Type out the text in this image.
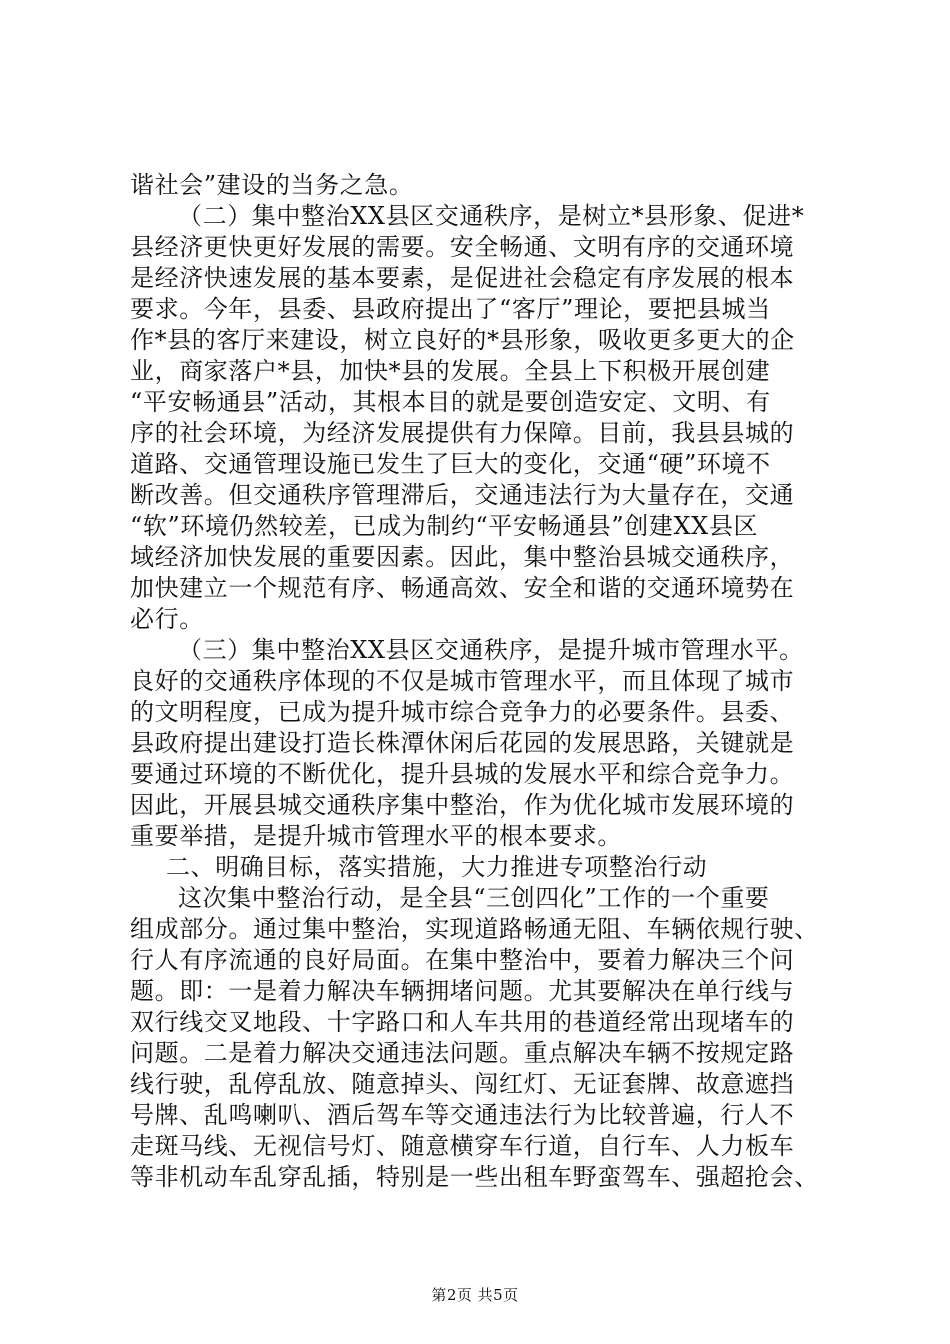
谐社会”建设的当务之急。
（二）集中整治XX县区交通秩序，是树立*县形象、促进*
县经济更快更好发展的需要。安全畅通、文明有序的交通环境
是经济快速发展的基本要素，是促进社会稳定有序发展的根本
要求。今年，县委、县政府提出了“客厅”理论，要把县城当
作*县的客厅来建设，树立良好的*县形象，吸收更多更大的企
业，商家落户*县，加快*县的发展。全县上下积极开展创建
“平安畅通县”活动，其根本目的就是要创造安定、文明、有
序的社会环境，为经济发展提供有力保障。目前，我县县城的
道路、交通管理设施已发生了巨大的变化，交通“硬”环境不
断改善。但交通秩序管理滞后，交通违法行为大量存在，交通
“软”环境仍然较差，已成为制约“平安畅通县”创建XX县区
域经济加快发展的重要因素。因此，集中整治县城交通秩序，
加快建立一个规范有序、畅通高效、安全和谐的交通环境势在
必行。
（三）集中整治XX县区交通秩序，是提升城市管理水平。
良好的交通秩序体现的不仅是城市管理水平，而且体现了城市
的文明程度，已成为提升城市综合竞争力的必要条件。县委、
县政府提出建设打造长株潭休闲后花园的发展思路，关键就是
要通过环境的不断优化，提升县城的发展水平和综合竞争力。
因此，开展县城交通秩序集中整治，作为优化城市发展环境的
重要举措，是提升城市管理水平的根本要求。
二、明确目标，落实措施，大力推进专项整治行动
这次集中整治行动，是全县“三创四化”工作的一个重要
组成部分。通过集中整治，实现道路畅通无阻、车辆依规行驶、
行人有序流通的良好局面。在集中整治中，要着力解决三个问
题。即：一是着力解决车辆拥堵问题。尤其要解决在单行线与
双行线交叉地段、十字路口和人车共用的巷道经常出现堵车的
问题。二是着力解决交通违法问题。重点解决车辆不按规定路
线行驶，乱停乱放、随意掉头、闯红灯、无证套牌、故意遮挡
号牌、乱鸣喇叭、酒后驾车等交通违法行为比较普遍，行人不
走斑马线、无视信号灯、随意横穿车行道，自行车、人力板车
等非机动车乱穿乱插，特别是一些出租车野蛮驾车、强超抢会、
第2页 共5页
